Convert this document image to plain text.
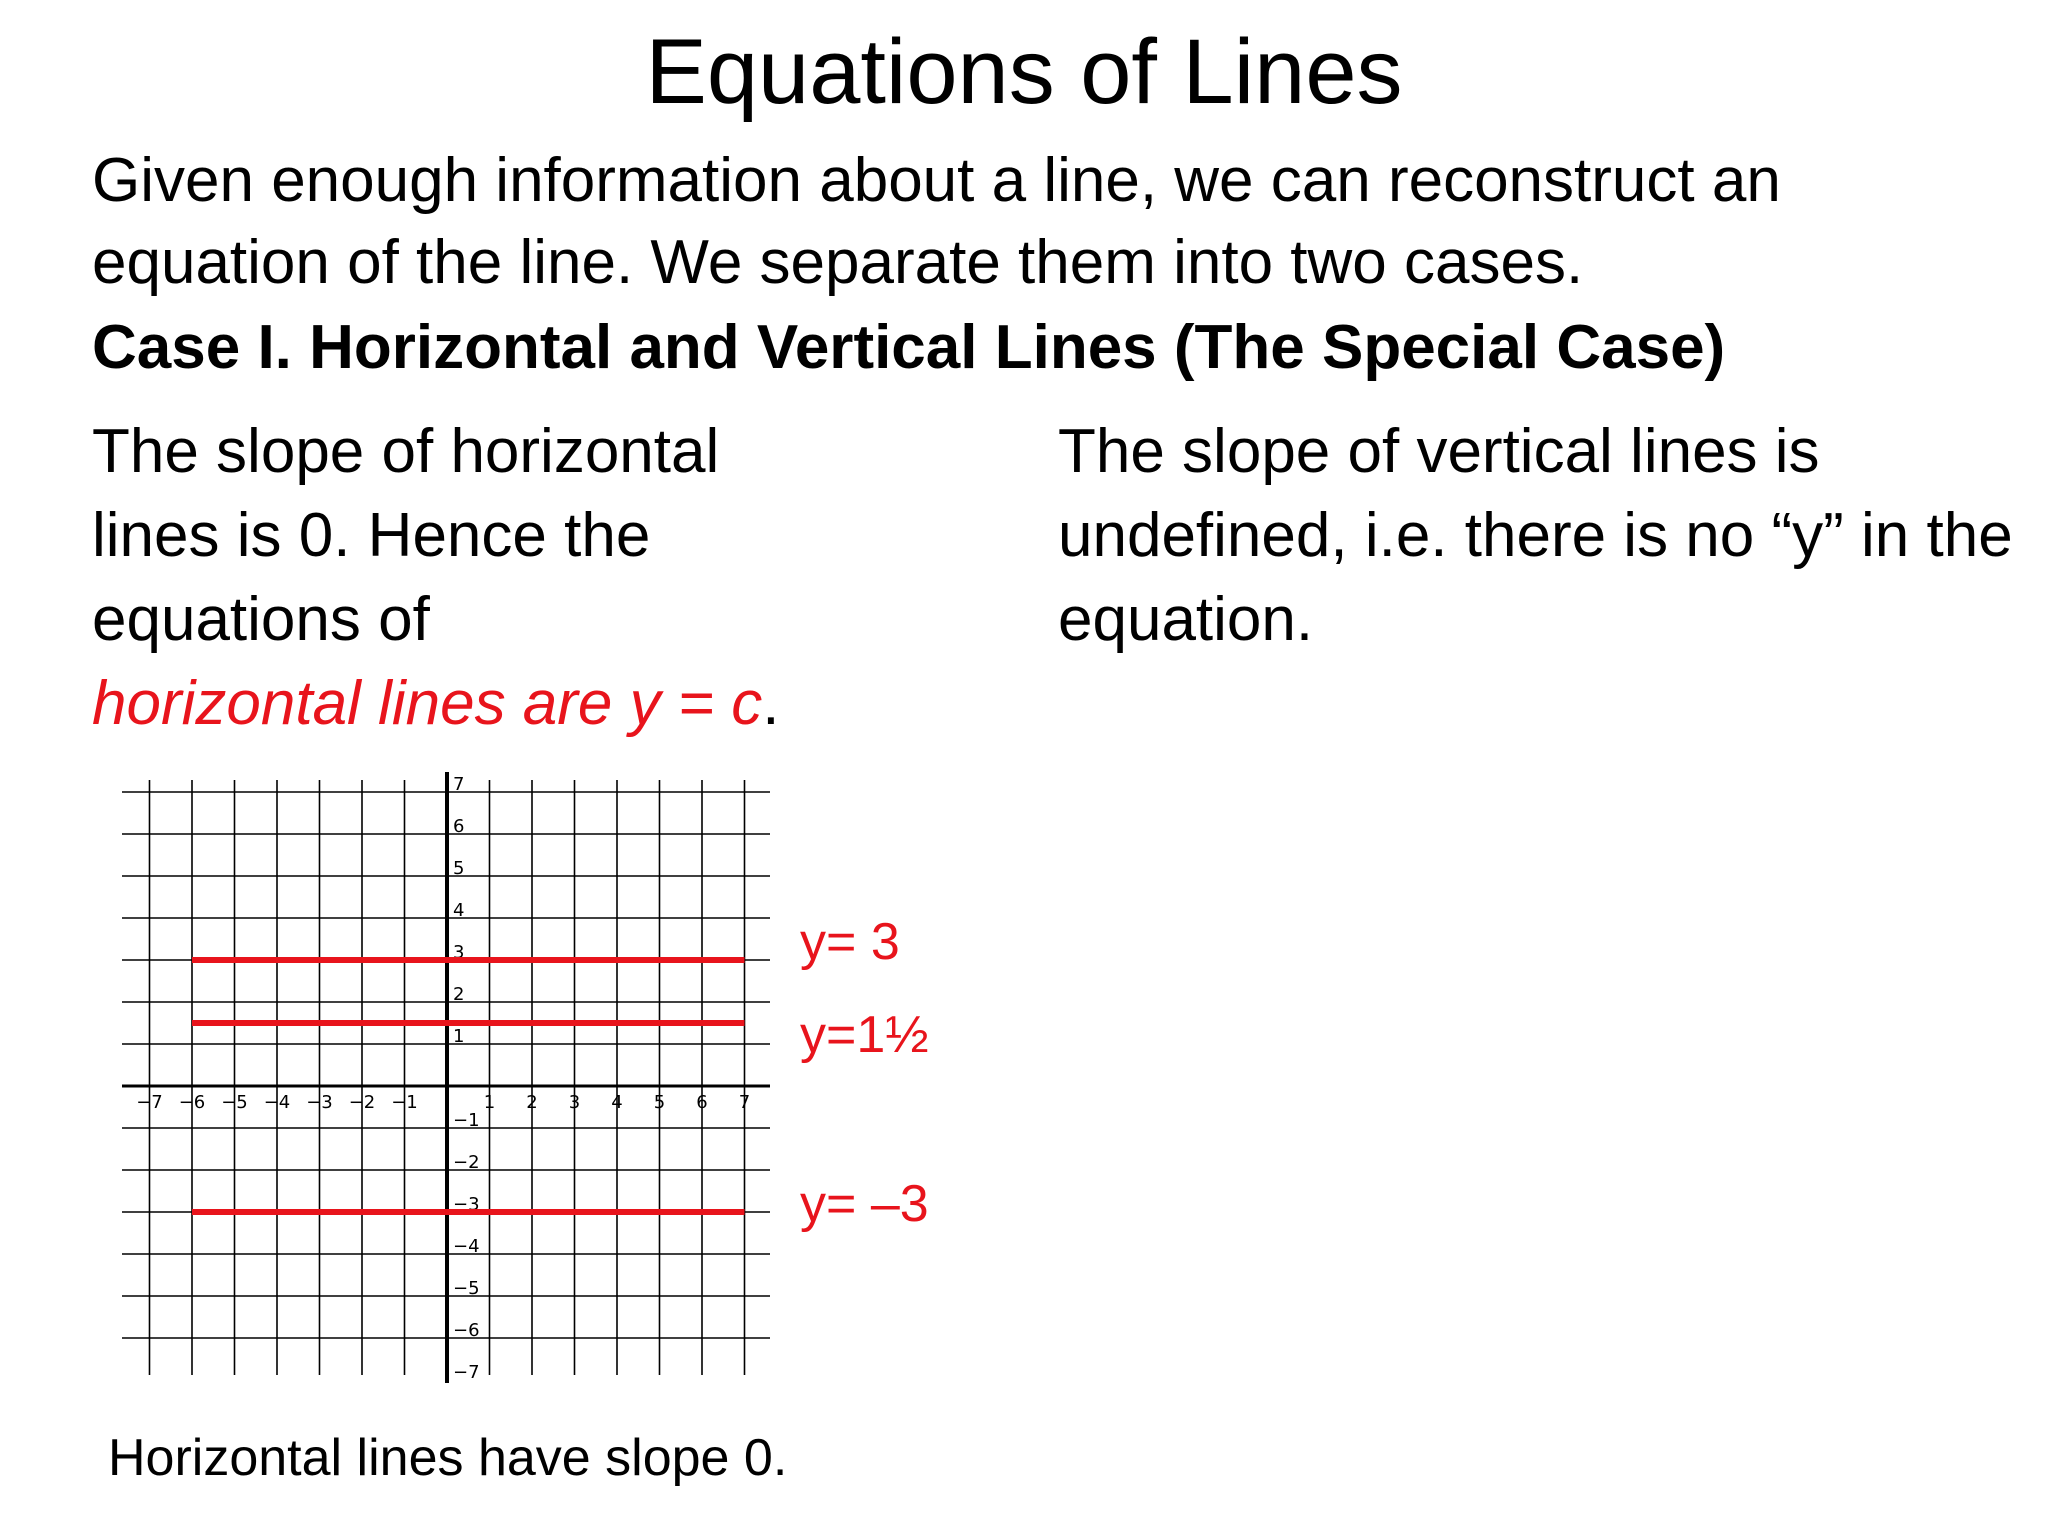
Equations of Lines

Given enough information about a line, we can reconstruct an equation of the line. We separate them into two cases.

Case I. Horizontal and Vertical Lines (The Special Case)

The slope of horizontal
lines is 0. Hence the
equations of
horizontal lines are y = c.

The slope of vertical lines is undefined, i.e. there is no “y” in the equation.

−7 −6 −5 −4 −3 −2 −1	1 2 3 4 5 6 7
7
6
5
4
3
2
1
−1
−2
−3
−4
−5
−6
−7
y= 3
y=1½
y= –3

Horizontal lines have slope 0.
